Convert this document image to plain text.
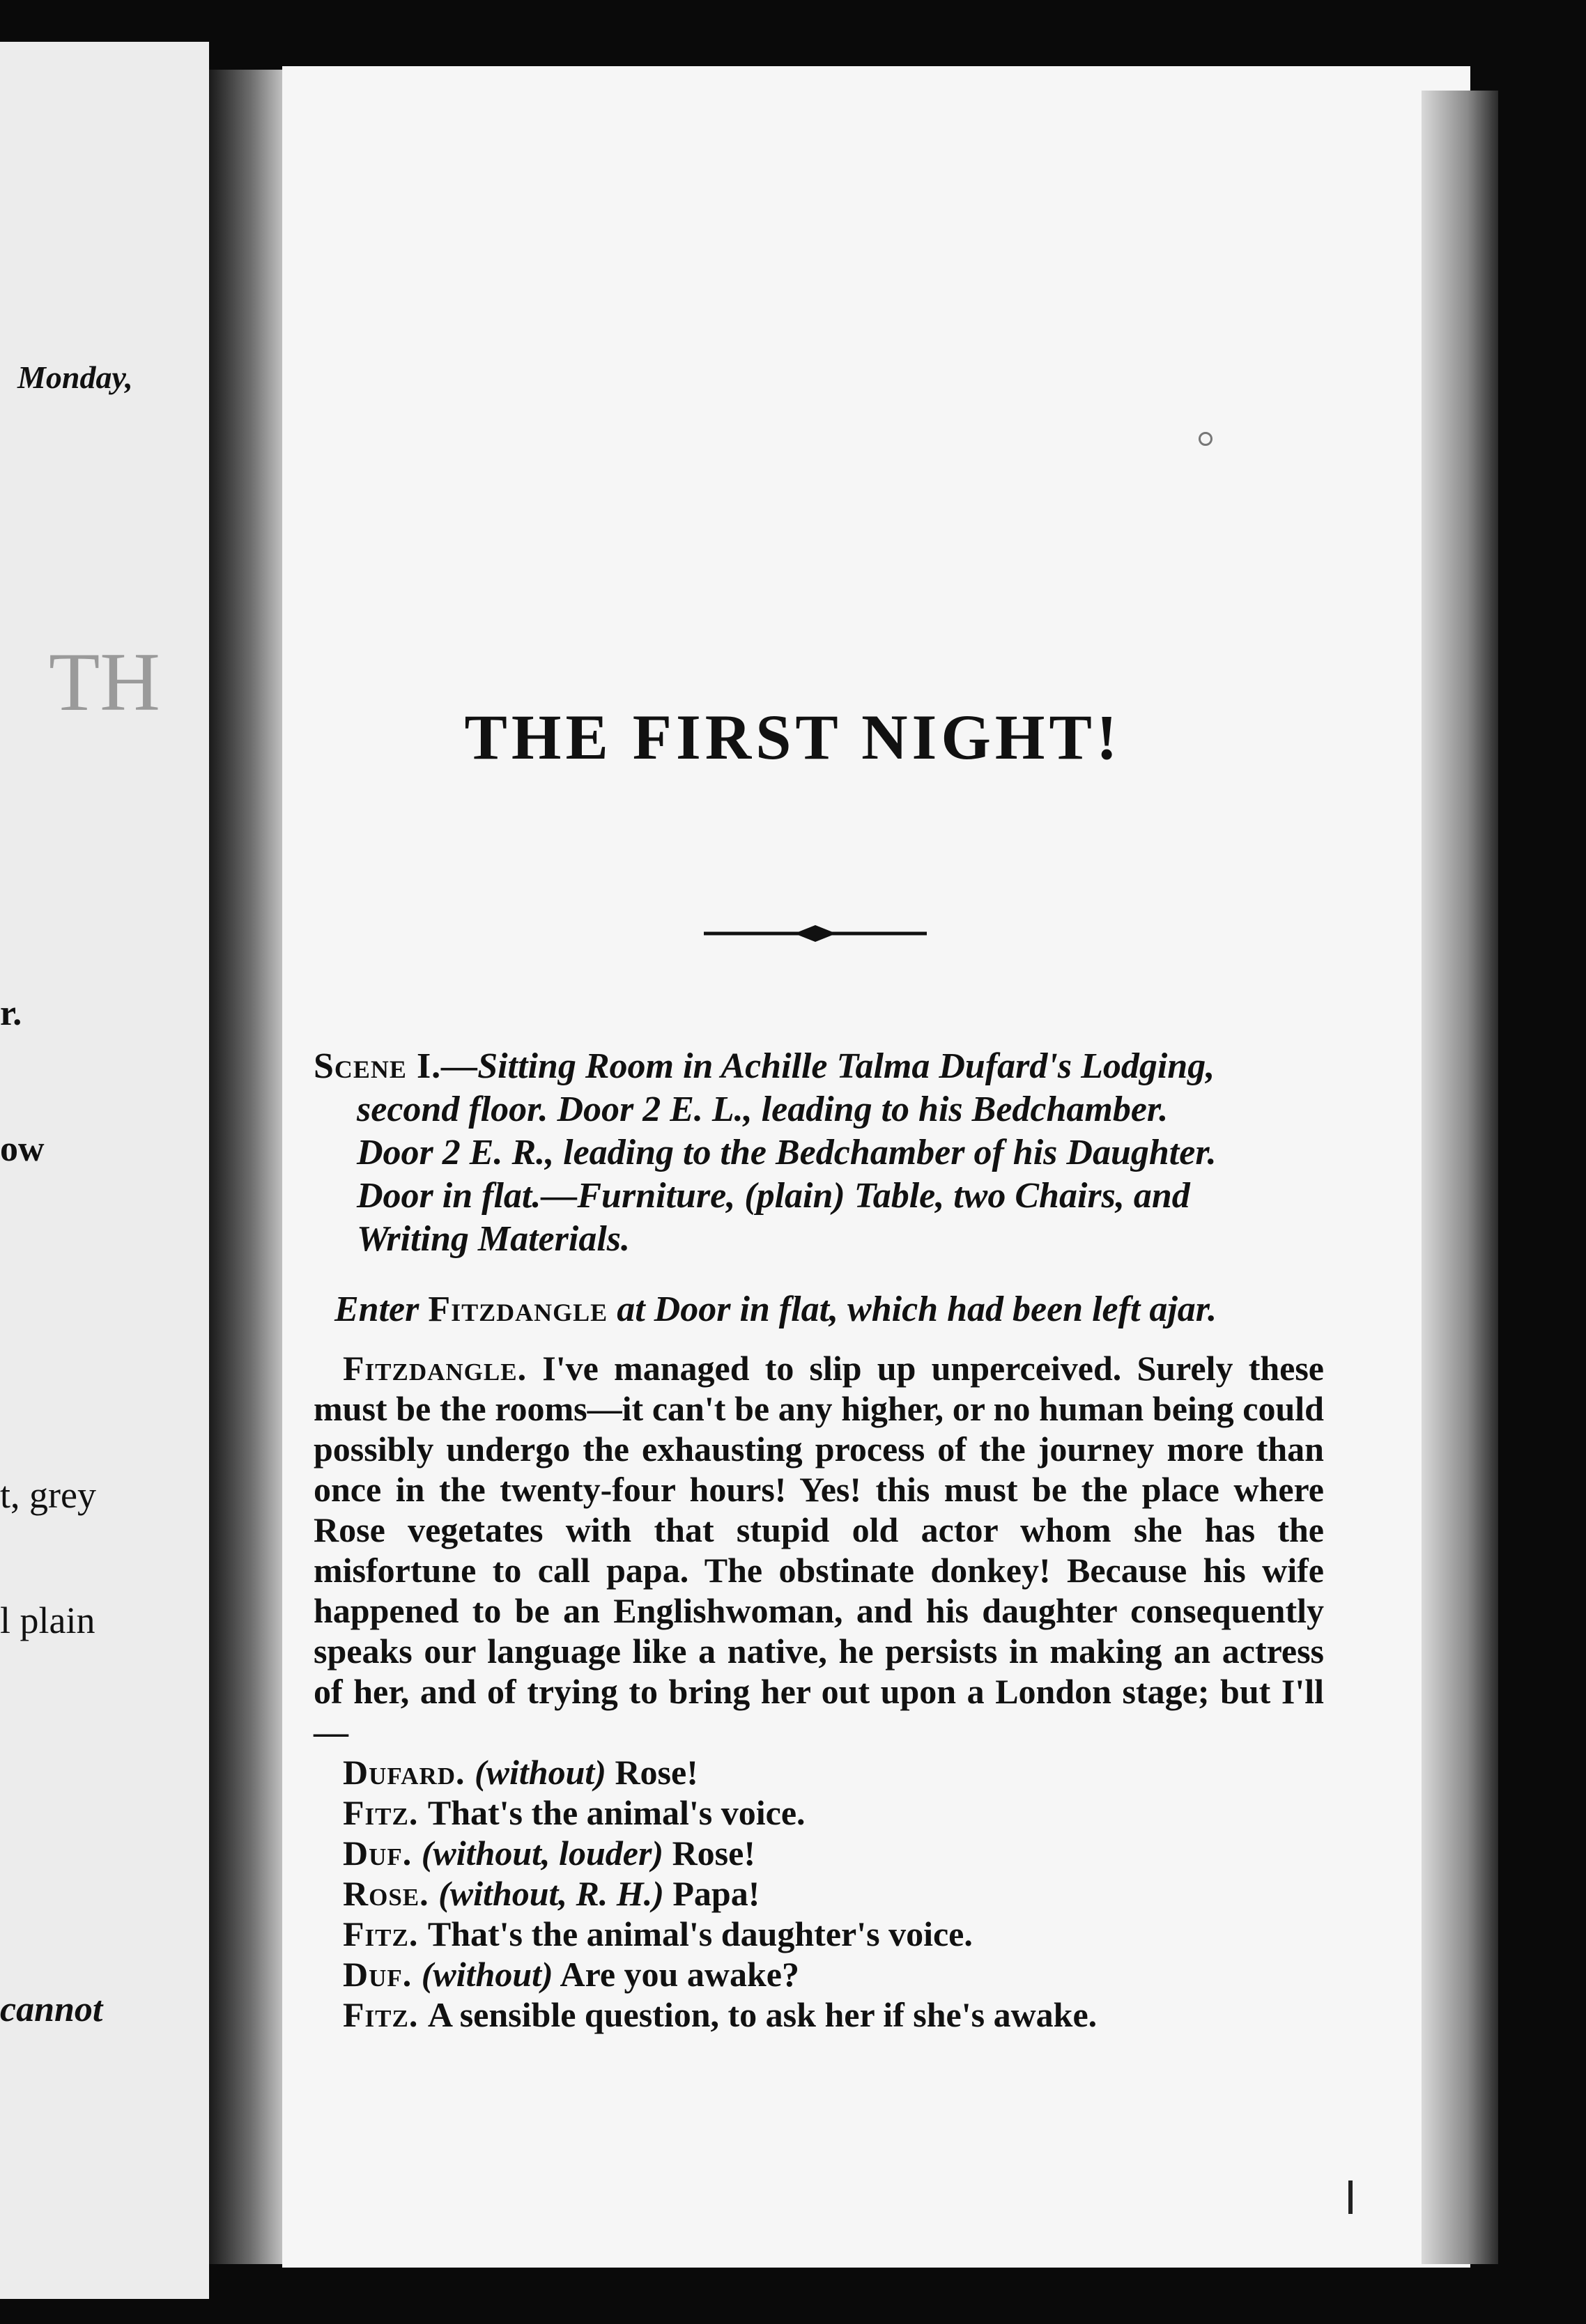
Monday,
TH
r.
ow
t, grey
l plain
cannot
THE FIRST NIGHT!
Scene I.—Sitting Room in Achille Talma Dufard's Lodging,
second floor. Door 2 E. L., leading to his Bedchamber.
Door 2 E. R., leading to the Bedchamber of his Daughter.
Door in flat.—Furniture, (plain) Table, two Chairs, and
Writing Materials.
Enter Fitzdangle at Door in flat, which had been left ajar.
Fitzdangle. I've managed to slip up unperceived. Surely these must be the rooms—it can't be any higher, or no human being could possibly undergo the exhausting process of the journey more than once in the twenty-four hours! Yes! this must be the place where Rose vegetates with that stupid old actor whom she has the misfortune to call papa. The obstinate donkey! Because his wife happened to be an Englishwoman, and his daughter consequently speaks our language like a native, he persists in making an actress of her, and of trying to bring her out upon a London stage; but I'll—
Dufard. (without) Rose!
Fitz. That's the animal's voice.
Duf. (without, louder) Rose!
Rose. (without, R. H.) Papa!
Fitz. That's the animal's daughter's voice.
Duf. (without) Are you awake?
Fitz. A sensible question, to ask her if she's awake.
